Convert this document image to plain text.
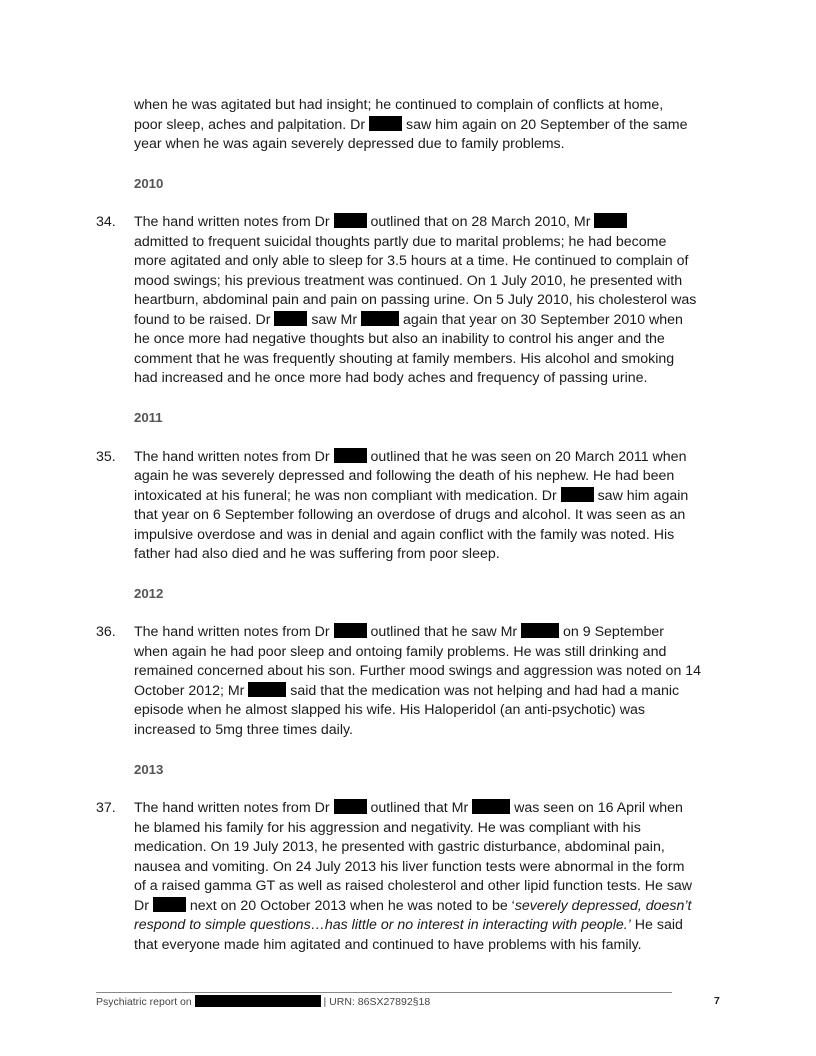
when he was agitated but had insight; he continued to complain of conflicts at home,
poor sleep, aches and palpitation. Dr  saw him again on 20 September of the same
year when he was again severely depressed due to family problems.
2010
34. The hand written notes from Dr  outlined that on 28 March 2010, Mr
admitted to frequent suicidal thoughts partly due to marital problems; he had become
more agitated and only able to sleep for 3.5 hours at a time. He continued to complain of
mood swings; his previous treatment was continued. On 1 July 2010, he presented with
heartburn, abdominal pain and pain on passing urine. On 5 July 2010, his cholesterol was
found to be raised. Dr  saw Mr	again that year on 30 September 2010 when
he once more had negative thoughts but also an inability to control his anger and the
comment that he was frequently shouting at family members. His alcohol and smoking
had increased and he once more had body aches and frequency of passing urine.
2011
35. The hand written notes from Dr  outlined that he was seen on 20 March 2011 when
again he was severely depressed and following the death of his nephew. He had been
intoxicated at his funeral; he was non compliant with medication. Dr  saw him again
that year on 6 September following an overdose of drugs and alcohol. It was seen as an
impulsive overdose and was in denial and again conflict with the family was noted. His
father had also died and he was suffering from poor sleep.
2012
36. The hand written notes from Dr  outlined that he saw Mr	on 9 September
when again he had poor sleep and ontoing family problems. He was still drinking and
remained concerned about his son. Further mood swings and aggression was noted on 14
October 2012; Mr	said that the medication was not helping and had had a manic
episode when he almost slapped his wife. His Haloperidol (an anti-psychotic) was
increased to 5mg three times daily.
2013
37. The hand written notes from Dr  outlined that Mr	was seen on 16 April when
he blamed his family for his aggression and negativity. He was compliant with his
medication. On 19 July 2013, he presented with gastric disturbance, abdominal pain,
nausea and vomiting. On 24 July 2013 his liver function tests were abnormal in the form
of a raised gamma GT as well as raised cholesterol and other lipid function tests. He saw
Dr  next on 20 October 2013 when he was noted to be ‘severely depressed, doesn’t
respond to simple questions…has little or no interest in interacting with people.’ He said
that everyone made him agitated and continued to have problems with his family.
Psychiatric report on	| URN: 86SX27892§18	7
